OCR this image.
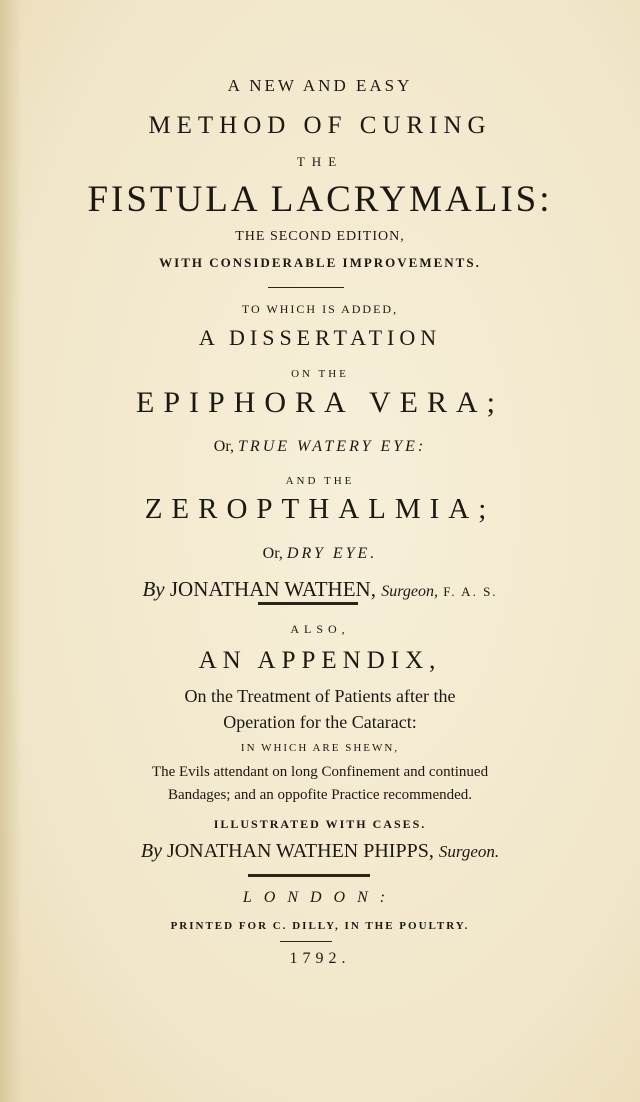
A NEW AND EASY
METHOD OF CURING
THE
FISTULA LACRYMALIS:
THE SECOND EDITION,
WITH CONSIDERABLE IMPROVEMENTS.
TO WHICH IS ADDED,
A DISSERTATION
ON THE
EPIPHORA VERA;
Or, TRUE WATERY EYE:
AND THE
ZEROPTHALMIA;
Or, DRY EYE.
By JONATHAN WATHEN, Surgeon, F. A. S.
ALSO,
AN APPENDIX,
On the Treatment of Patients after the
Operation for the Cataract:
IN WHICH ARE SHEWN,
The Evils attendant on long Confinement and continued
Bandages; and an oppofite Practice recommended.
ILLUSTRATED WITH CASES.
By JONATHAN WATHEN PHIPPS, Surgeon.
LONDON:
PRINTED FOR C. DILLY, IN THE POULTRY.
1792.
